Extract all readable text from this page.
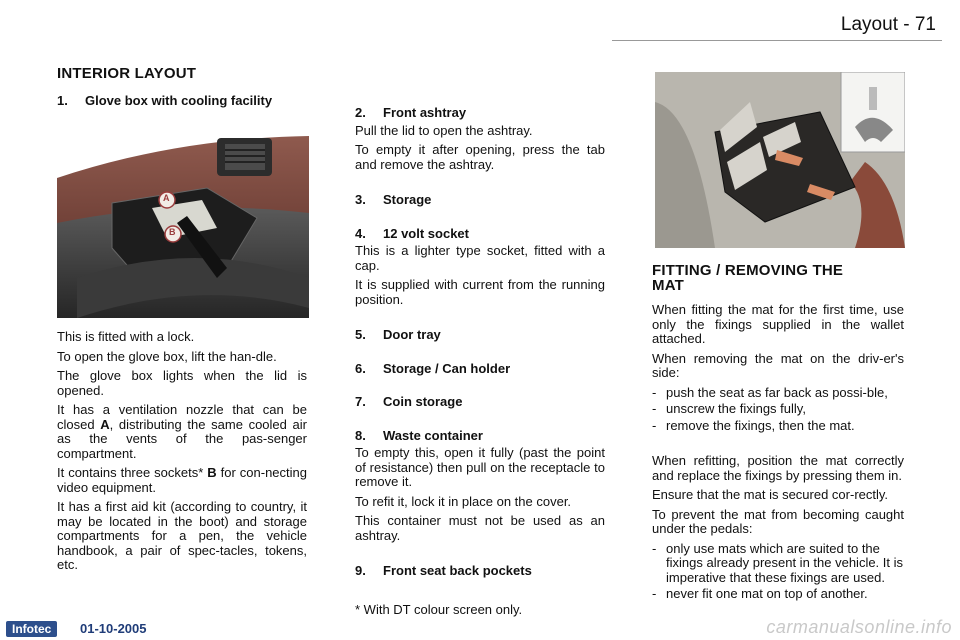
Layout - 71
INTERIOR LAYOUT
1. Glove box with cooling facility
A
B

This is fitted with a lock.

To open the glove box, lift the han-dle.

The glove box lights when the lid is opened.

It has a ventilation nozzle that can be closed A, distributing the same cooled air as the vents of the pas-senger compartment.

It contains three sockets* B for con-necting video equipment.

It has a first aid kit (according to country, it may be located in the boot) and storage compartments for a pen, the vehicle handbook, a pair of spec-tacles, tokens, etc.

2. Front ashtray

Pull the lid to open the ashtray.

To empty it after opening, press the tab and remove the ashtray.

3. Storage
4. 12 volt socket

This is a lighter type socket, fitted with a cap.

It is supplied with current from the running position.

5. Door tray
6. Storage / Can holder
7. Coin storage
8. Waste container

To empty this, open it fully (past the point of resistance) then pull on the receptacle to remove it.

To refit it, lock it in place on the cover.

This container must not be used as an ashtray.

9. Front seat back pockets
* With DT colour screen only.
FITTING / REMOVING THE
MAT

When fitting the mat for the first time, use only the fixings supplied in the wallet attached.

When removing the mat on the driv-er's side:

- push the seat as far back as possi-ble,
- unscrew the fixings fully,
- remove the fixings, then the mat.

When refitting, position the mat correctly and replace the fixings by pressing them in.

Ensure that the mat is secured cor-rectly.

To prevent the mat from becoming caught under the pedals:

- only use mats which are suited to the fixings already present in the vehicle. It is imperative that these fixings are used.
- never fit one mat on top of another.
Infotec	01-10-2005	carmanualsonline.info
